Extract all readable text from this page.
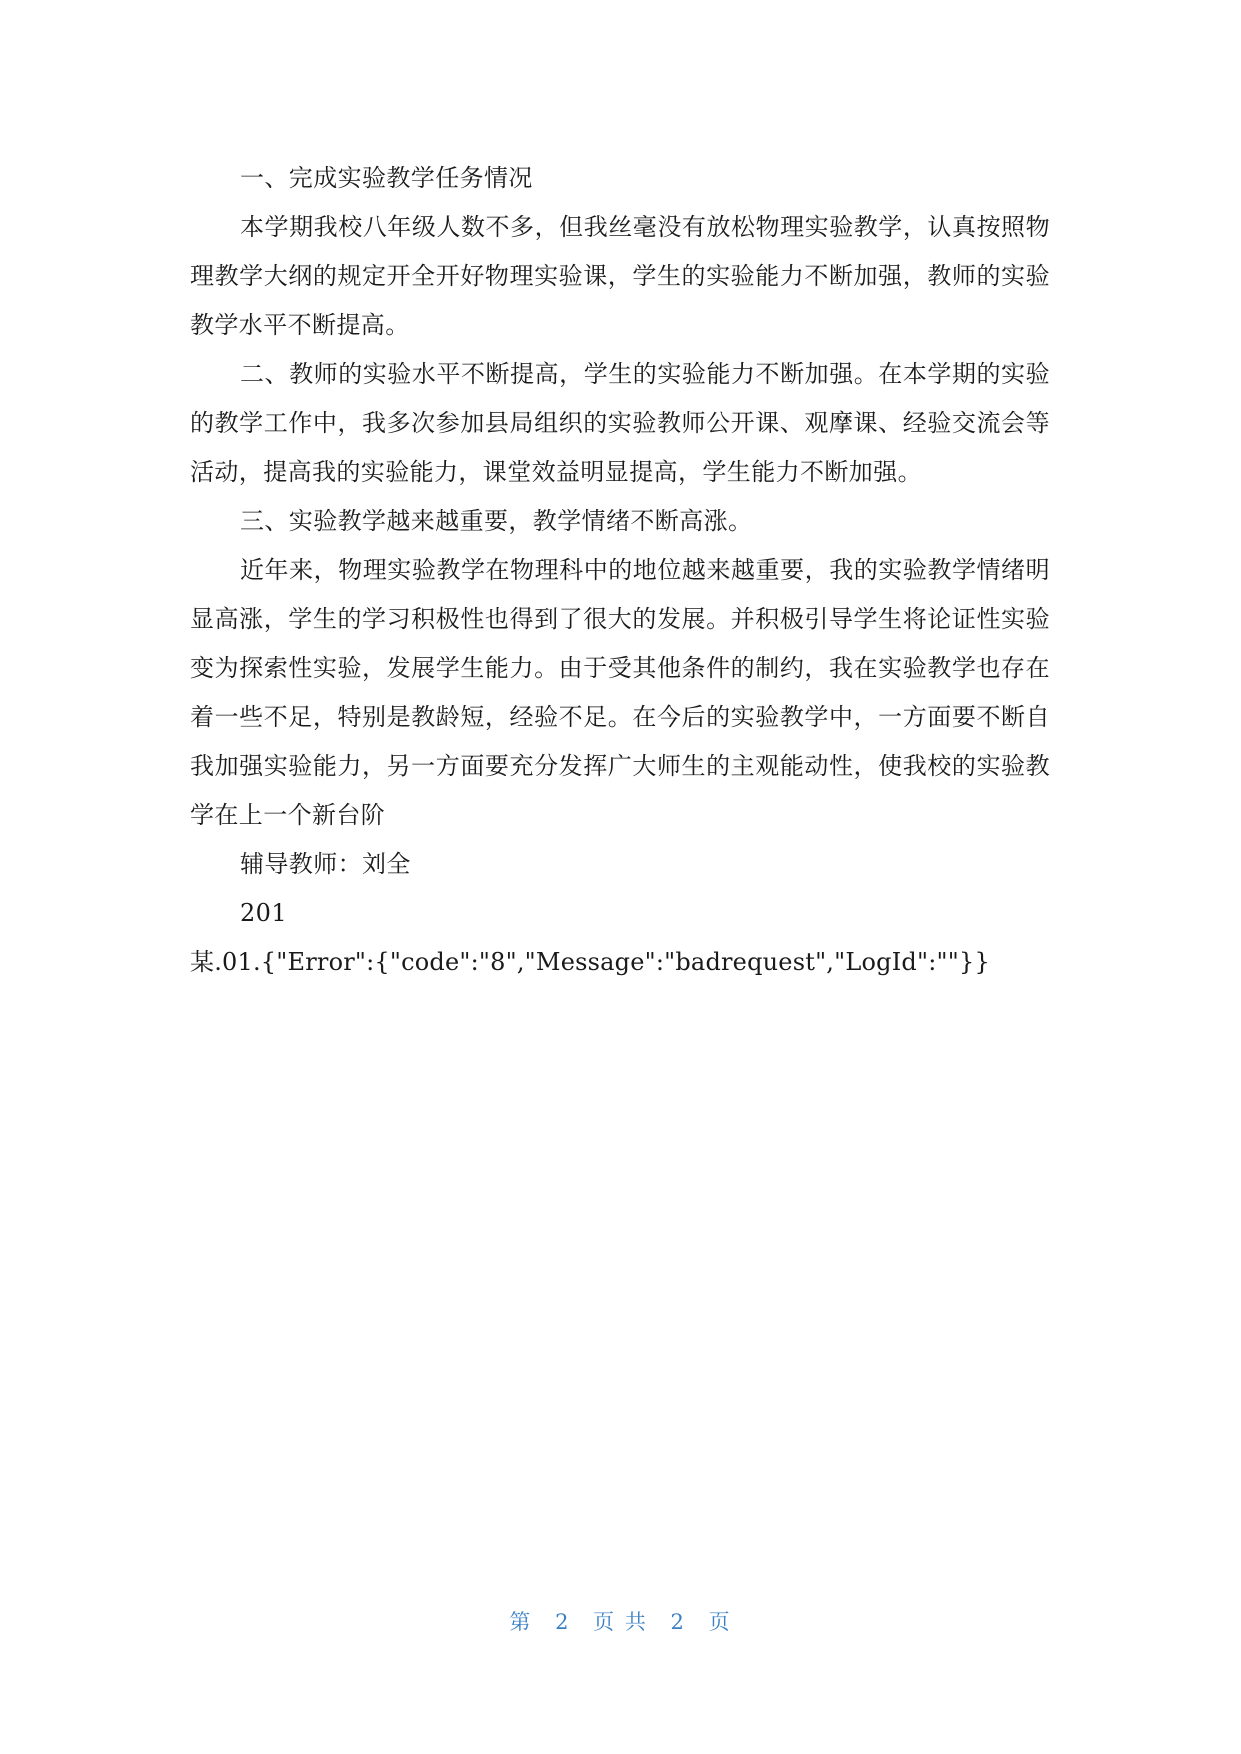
一、完成实验教学任务情况

本学期我校八年级人数不多，但我丝毫没有放松物理实验教学，认真按照物理教学大纲的规定开全开好物理实验课，学生的实验能力不断加强，教师的实验教学水平不断提高。

二、教师的实验水平不断提高，学生的实验能力不断加强。在本学期的实验的教学工作中，我多次参加县局组织的实验教师公开课、观摩课、经验交流会等活动，提高我的实验能力，课堂效益明显提高，学生能力不断加强。

三、实验教学越来越重要，教学情绪不断高涨。

近年来，物理实验教学在物理科中的地位越来越重要，我的实验教学情绪明显高涨，学生的学习积极性也得到了很大的发展。并积极引导学生将论证性实验变为探索性实验，发展学生能力。由于受其他条件的制约，我在实验教学也存在着一些不足，特别是教龄短，经验不足。在今后的实验教学中，一方面要不断自我加强实验能力，另一方面要充分发挥广大师生的主观能动性，使我校的实验教学在上一个新台阶

辅导教师：刘全

201

某.01.{"Error":{"code":"8","Message":"badrequest","LogId":""}}

第 2 页 共 2 页
